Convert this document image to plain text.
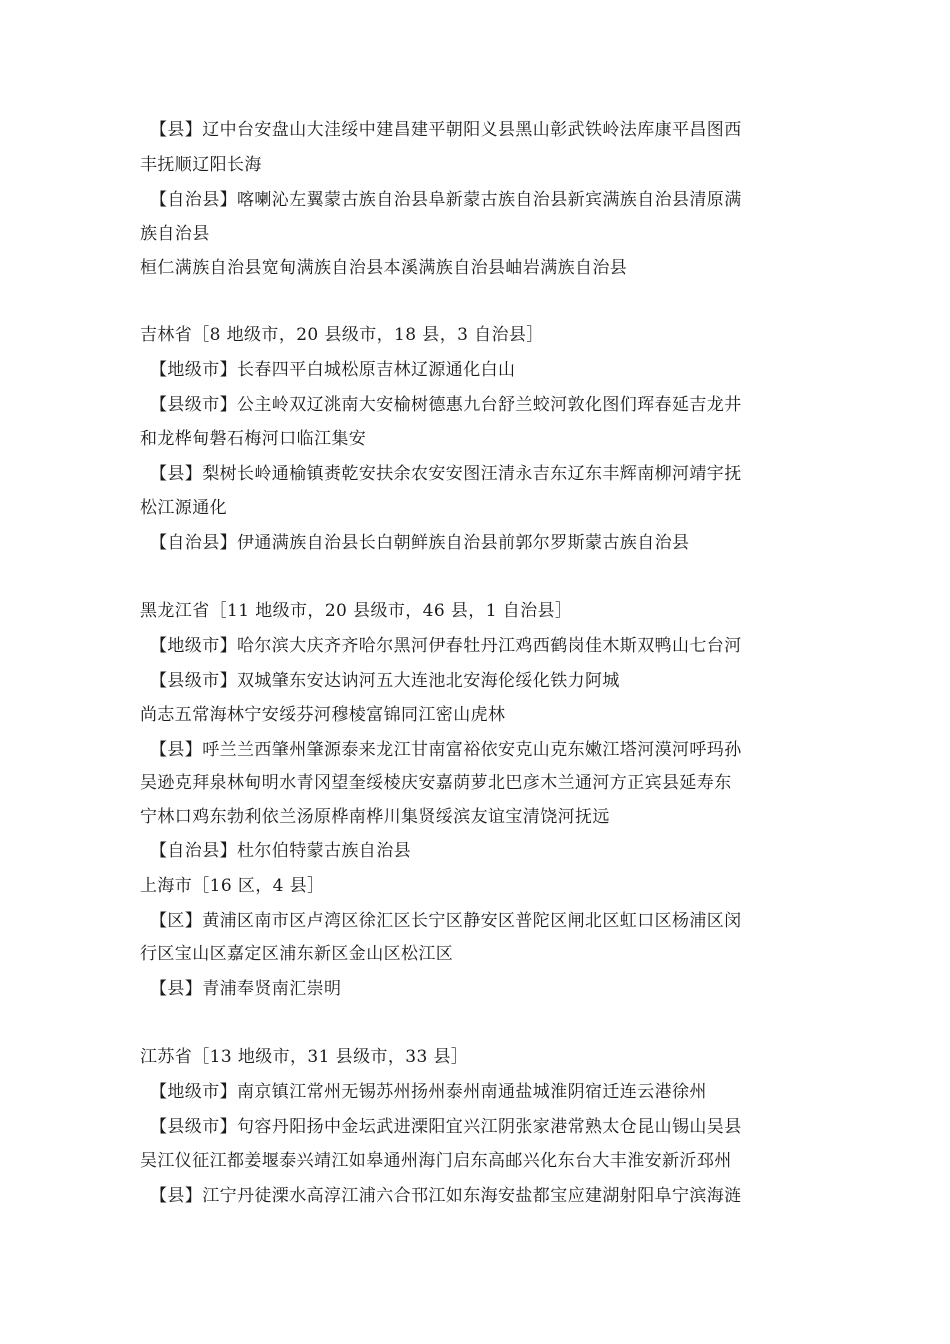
【县】辽中台安盘山大洼绥中建昌建平朝阳义县黑山彰武铁岭法库康平昌图西
丰抚顺辽阳长海
【自治县】喀喇沁左翼蒙古族自治县阜新蒙古族自治县新宾满族自治县清原满
族自治县
桓仁满族自治县宽甸满族自治县本溪满族自治县岫岩满族自治县
吉林省［8 地级市，20 县级市，18 县，3 自治县］
【地级市】长春四平白城松原吉林辽源通化白山
【县级市】公主岭双辽洮南大安榆树德惠九台舒兰蛟河敦化图们珲春延吉龙井
和龙桦甸磐石梅河口临江集安
【县】梨树长岭通榆镇赉乾安扶余农安安图汪清永吉东辽东丰辉南柳河靖宇抚
松江源通化
【自治县】伊通满族自治县长白朝鲜族自治县前郭尔罗斯蒙古族自治县
黑龙江省［11 地级市，20 县级市，46 县，1 自治县］
【地级市】哈尔滨大庆齐齐哈尔黑河伊春牡丹江鸡西鹤岗佳木斯双鸭山七台河
【县级市】双城肇东安达讷河五大连池北安海伦绥化铁力阿城
尚志五常海林宁安绥芬河穆棱富锦同江密山虎林
【县】呼兰兰西肇州肇源泰来龙江甘南富裕依安克山克东嫩江塔河漠河呼玛孙
吴逊克拜泉林甸明水青冈望奎绥棱庆安嘉荫萝北巴彦木兰通河方正宾县延寿东
宁林口鸡东勃利依兰汤原桦南桦川集贤绥滨友谊宝清饶河抚远
【自治县】杜尔伯特蒙古族自治县
上海市［16 区，4 县］
【区】黄浦区南市区卢湾区徐汇区长宁区静安区普陀区闸北区虹口区杨浦区闵
行区宝山区嘉定区浦东新区金山区松江区
【县】青浦奉贤南汇崇明
江苏省［13 地级市，31 县级市，33 县］
【地级市】南京镇江常州无锡苏州扬州泰州南通盐城淮阴宿迁连云港徐州
【县级市】句容丹阳扬中金坛武进溧阳宜兴江阴张家港常熟太仓昆山锡山吴县
吴江仪征江都姜堰泰兴靖江如皋通州海门启东高邮兴化东台大丰淮安新沂邳州
【县】江宁丹徒溧水高淳江浦六合邗江如东海安盐都宝应建湖射阳阜宁滨海涟
